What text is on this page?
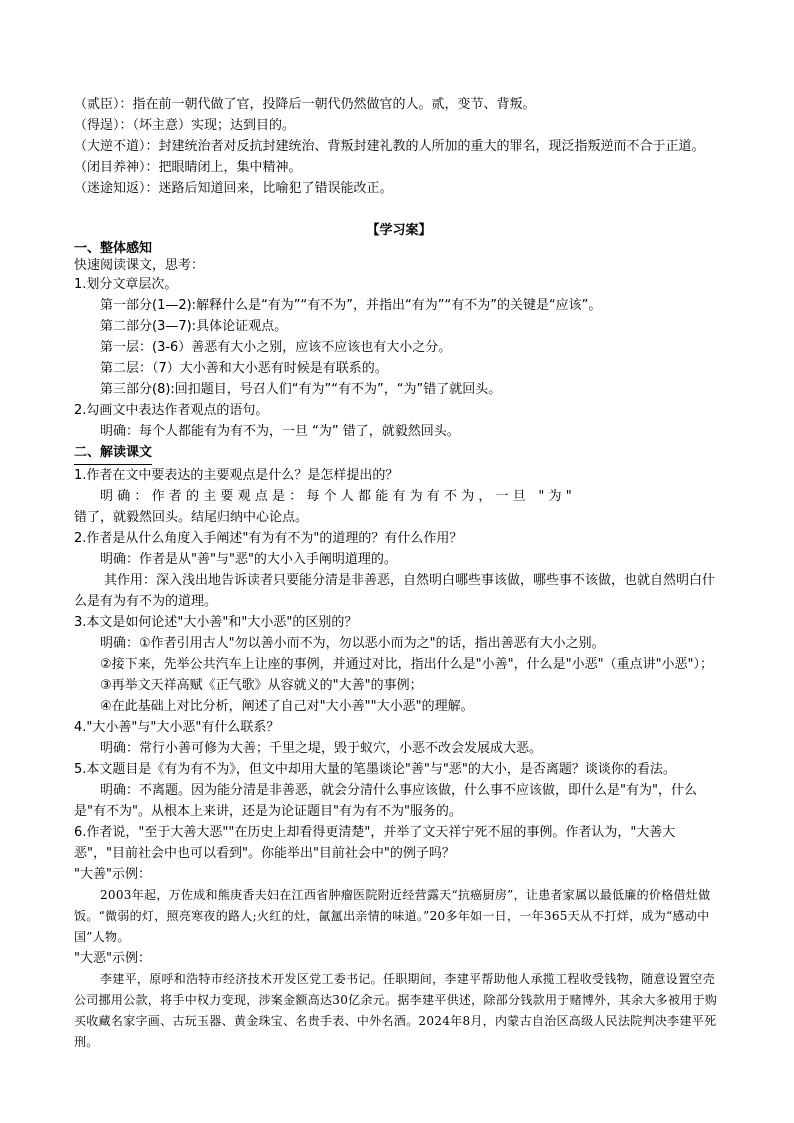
（贰臣）：指在前一朝代做了官，投降后一朝代仍然做官的人。贰，变节、背叛。
（得逞）：（坏主意）实现；达到目的。
（大逆不道）：封建统治者对反抗封建统治、背叛封建礼教的人所加的重大的罪名，现泛指叛逆而不合于正道。
（闭目养神）：把眼睛闭上，集中精神。
（迷途知返）：迷路后知道回来，比喻犯了错误能改正。
【学习案】
一、整体感知
快速阅读课文，思考：
1.划分文章层次。
第一部分(1—2):解释什么是“有为”“有不为”，并指出“有为”“有不为”的关键是“应该”。
第二部分(3—7):具体论证观点。
第一层：(3-6）善恶有大小之别，应该不应该也有大小之分。
第二层：（7）大小善和大小恶有时候是有联系的。
第三部分(8):回扣题目，号召人们“有为”“有不为”，“为”错了就回头。
2.勾画文中表达作者观点的语句。
明确：每个人都能有为有不为，一旦 “为” 错了，就毅然回头。
二、解读课文
1.作者在文中要表达的主要观点是什么？是怎样提出的？
明确：作者的主要观点是：每个人都能有为有不为，一旦 "为"
错了，就毅然回头。结尾归纳中心论点。
2.作者是从什么角度入手阐述"有为有不为"的道理的？有什么作用？
明确：作者是从"善"与"恶"的大小入手阐明道理的。
其作用：深入浅出地告诉读者只要能分清是非善恶，自然明白哪些事该做，哪些事不该做，也就自然明白什么是有为有不为的道理。
3.本文是如何论述"大小善"和"大小恶"的区别的？
明确：①作者引用古人"勿以善小而不为，勿以恶小而为之"的话，指出善恶有大小之别。
②接下来，先举公共汽车上让座的事例，并通过对比，指出什么是"小善"，什么是"小恶"（重点讲"小恶"）；
③再举文天祥高赋《正气歌》从容就义的"大善"的事例；
④在此基础上对比分析，阐述了自己对"大小善""大小恶"的理解。
4."大小善"与"大小恶"有什么联系？
明确：常行小善可修为大善；千里之堤，毁于蚁穴，小恶不改会发展成大恶。
5.本文题目是《有为有不为》，但文中却用大量的笔墨谈论"善"与"恶"的大小，是否离题？谈谈你的看法。
明确：不离题。因为能分清是非善恶，就会分清什么事应该做，什么事不应该做，即什么是"有为"，什么是"有不为"。从根本上来讲，还是为论证题目"有为有不为"服务的。
6.作者说，"至于大善大恶""在历史上却看得更清楚"，并举了文天祥宁死不屈的事例。作者认为，"大善大恶"，"目前社会中也可以看到"。你能举出"目前社会中"的例子吗？
"大善"示例：
2003年起，万佐成和熊庚香夫妇在江西省肿瘤医院附近经营露天“抗癌厨房”，让患者家属以最低廉的价格借灶做饭。“微弱的灯，照亮寒夜的路人;火红的灶，氤氲出亲情的味道。”20多年如一日，一年365天从不打烊，成为“感动中国”人物。
"大恶"示例：
李建平，原呼和浩特市经济技术开发区党工委书记。任职期间，李建平帮助他人承揽工程收受钱物，随意设置空壳公司挪用公款，将手中权力变现，涉案金额高达30亿余元。据李建平供述，除部分钱款用于赌博外，其余大多被用于购买收藏名家字画、古玩玉器、黄金珠宝、名贵手表、中外名酒。2024年8月，内蒙古自治区高级人民法院判决李建平死刑。
